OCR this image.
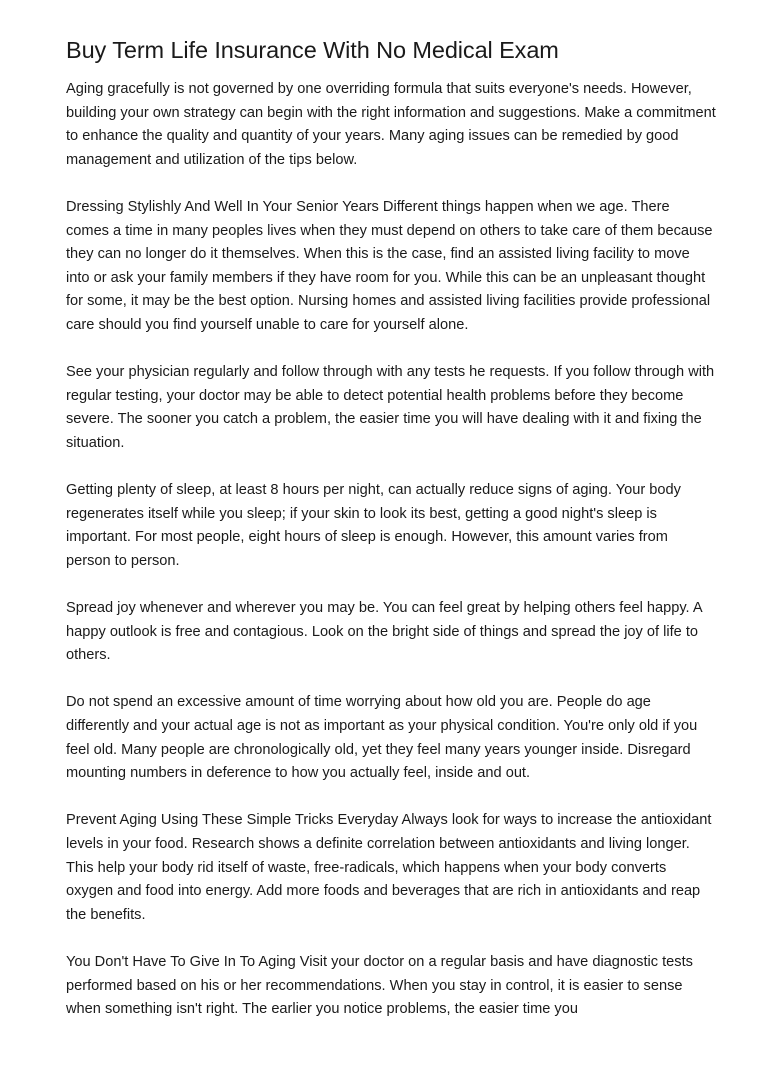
Buy Term Life Insurance With No Medical Exam

Aging gracefully is not governed by one overriding formula that suits everyone's needs. However, building your own strategy can begin with the right information and suggestions. Make a commitment to enhance the quality and quantity of your years. Many aging issues can be remedied by good management and utilization of the tips below.

Dressing Stylishly And Well In Your Senior Years Different things happen when we age. There comes a time in many peoples lives when they must depend on others to take care of them because they can no longer do it themselves. When this is the case, find an assisted living facility to move into or ask your family members if they have room for you. While this can be an unpleasant thought for some, it may be the best option. Nursing homes and assisted living facilities provide professional care should you find yourself unable to care for yourself alone.

See your physician regularly and follow through with any tests he requests. If you follow through with regular testing, your doctor may be able to detect potential health problems before they become severe. The sooner you catch a problem, the easier time you will have dealing with it and fixing the situation.

Getting plenty of sleep, at least 8 hours per night, can actually reduce signs of aging. Your body regenerates itself while you sleep; if your skin to look its best, getting a good night's sleep is important. For most people, eight hours of sleep is enough. However, this amount varies from person to person.

Spread joy whenever and wherever you may be. You can feel great by helping others feel happy. A happy outlook is free and contagious. Look on the bright side of things and spread the joy of life to others.

Do not spend an excessive amount of time worrying about how old you are. People do age differently and your actual age is not as important as your physical condition. You're only old if you feel old. Many people are chronologically old, yet they feel many years younger inside. Disregard mounting numbers in deference to how you actually feel, inside and out.

Prevent Aging Using These Simple Tricks Everyday Always look for ways to increase the antioxidant levels in your food. Research shows a definite correlation between antioxidants and living longer. This help your body rid itself of waste, free-radicals, which happens when your body converts oxygen and food into energy. Add more foods and beverages that are rich in antioxidants and reap the benefits.

You Don't Have To Give In To Aging Visit your doctor on a regular basis and have diagnostic tests performed based on his or her recommendations. When you stay in control, it is easier to sense when something isn't right. The earlier you notice problems, the easier time you
